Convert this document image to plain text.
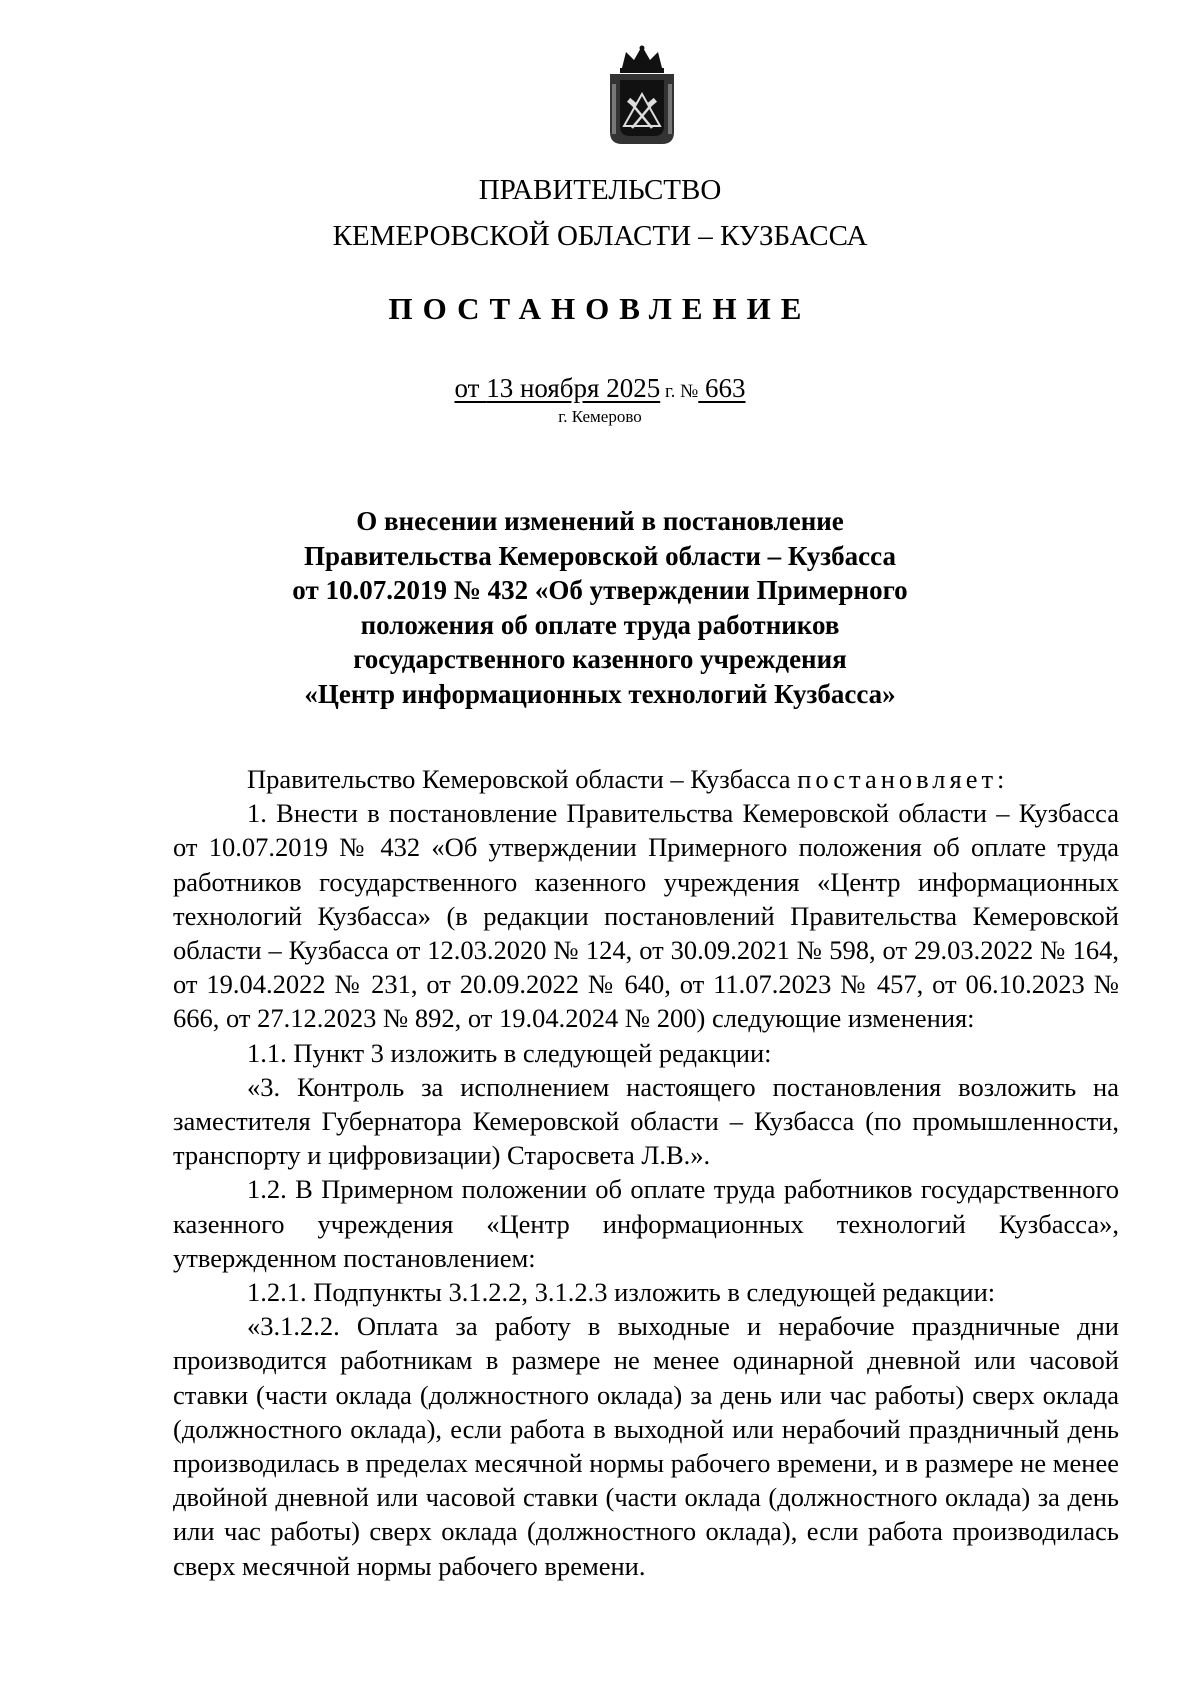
ПРАВИТЕЛЬСТВО
КЕМЕРОВСКОЙ ОБЛАСТИ – КУЗБАССА
ПОСТАНОВЛЕНИЕ
от 13 ноября 2025 г. № 663
г. Кемерово
О внесении изменений в постановление
Правительства Кемеровской области – Кузбасса
от 10.07.2019 № 432 «Об утверждении Примерного
положения об оплате труда работников
государственного казенного учреждения
«Центр информационных технологий Кузбасса»

Правительство Кемеровской области – Кузбасса постановляет:

1. Внести в постановление Правительства Кемеровской области – Кузбасса от 10.07.2019 № 432 «Об утверждении Примерного положения об оплате труда работников государственного казенного учреждения «Центр информационных технологий Кузбасса» (в редакции постановлений Правительства Кемеровской области – Кузбасса от 12.03.2020 № 124, от 30.09.2021 № 598, от 29.03.2022 № 164, от 19.04.2022 № 231, от 20.09.2022 № 640, от 11.07.2023 № 457, от 06.10.2023 № 666, от 27.12.2023 № 892, от 19.04.2024 № 200) следующие изменения:

1.1. Пункт 3 изложить в следующей редакции:

«3. Контроль за исполнением настоящего постановления возложить на заместителя Губернатора Кемеровской области – Кузбасса (по промышленности, транспорту и цифровизации) Старосвета Л.В.».

1.2. В Примерном положении об оплате труда работников государственного казенного учреждения «Центр информационных технологий Кузбасса», утвержденном постановлением:

1.2.1. Подпункты 3.1.2.2, 3.1.2.3 изложить в следующей редакции:

«3.1.2.2. Оплата за работу в выходные и нерабочие праздничные дни производится работникам в размере не менее одинарной дневной или часовой ставки (части оклада (должностного оклада) за день или час работы) сверх оклада (должностного оклада), если работа в выходной или нерабочий праздничный день производилась в пределах месячной нормы рабочего времени, и в размере не менее двойной дневной или часовой ставки (части оклада (должностного оклада) за день или час работы) сверх оклада (должностного оклада), если работа производилась сверх месячной нормы рабочего времени.
